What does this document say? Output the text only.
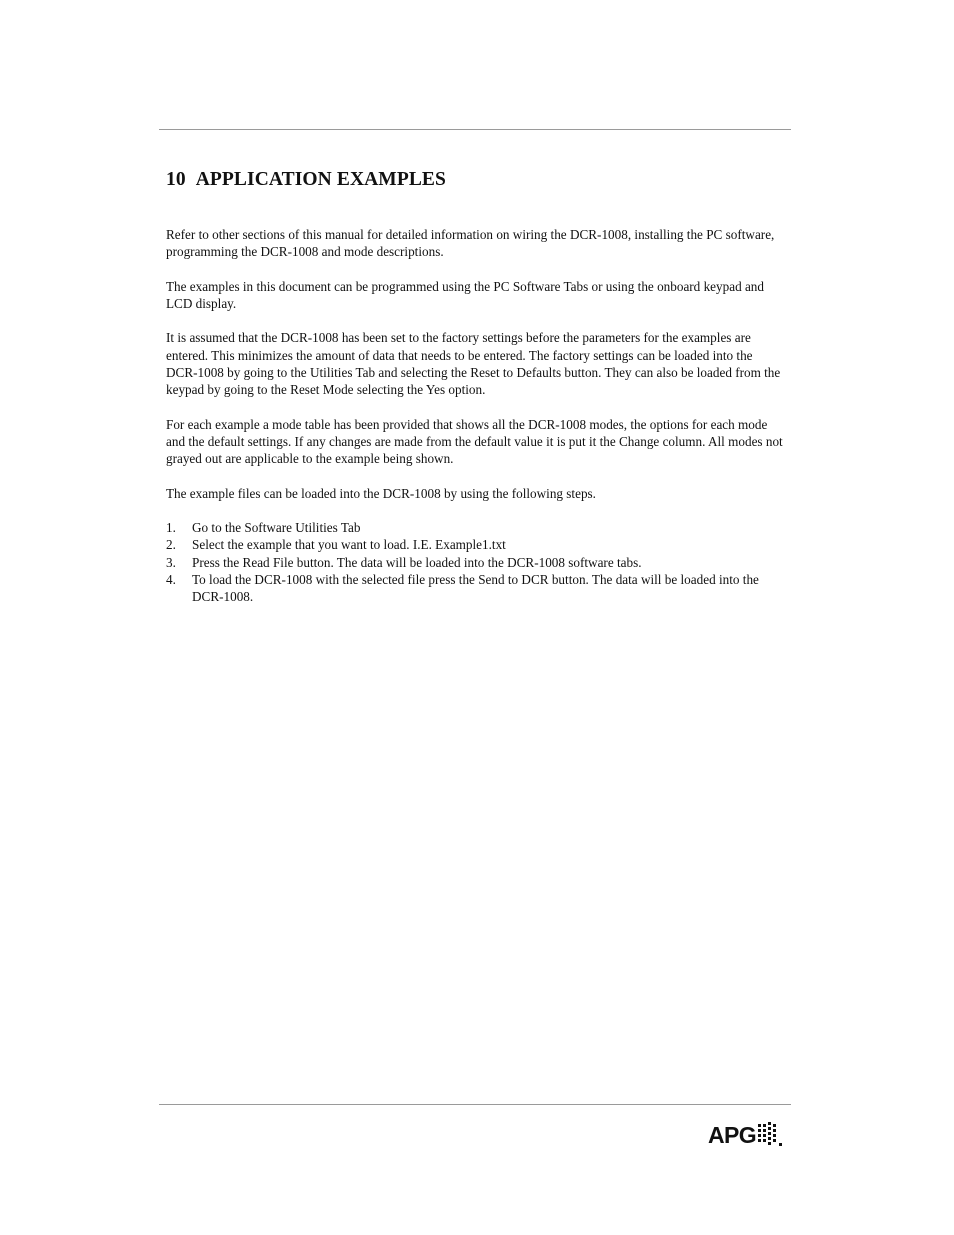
10 APPLICATION EXAMPLES

Refer to other sections of this manual for detailed information on wiring the DCR-1008, installing the PC software, programming the DCR-1008 and mode descriptions.

The examples in this document can be programmed using the PC Software Tabs or using the onboard keypad and LCD display.

It is assumed that the DCR-1008 has been set to the factory settings before the parameters for the examples are entered. This minimizes the amount of data that needs to be entered. The factory settings can be loaded into the DCR-1008 by going to the Utilities Tab and selecting the Reset to Defaults button. They can also be loaded from the keypad by going to the Reset Mode selecting the Yes option.

For each example a mode table has been provided that shows all the DCR-1008 modes, the options for each mode and the default settings. If any changes are made from the default value it is put it the Change column. All modes not grayed out are applicable to the example being shown.

The example files can be loaded into the DCR-1008 by using the following steps.

1. Go to the Software Utilities Tab
2. Select the example that you want to load. I.E. Example1.txt
3. Press the Read File button. The data will be loaded into the DCR-1008 software tabs.
4. To load the DCR-1008 with the selected file press the Send to DCR button. The data will be loaded into the DCR-1008.
APG
